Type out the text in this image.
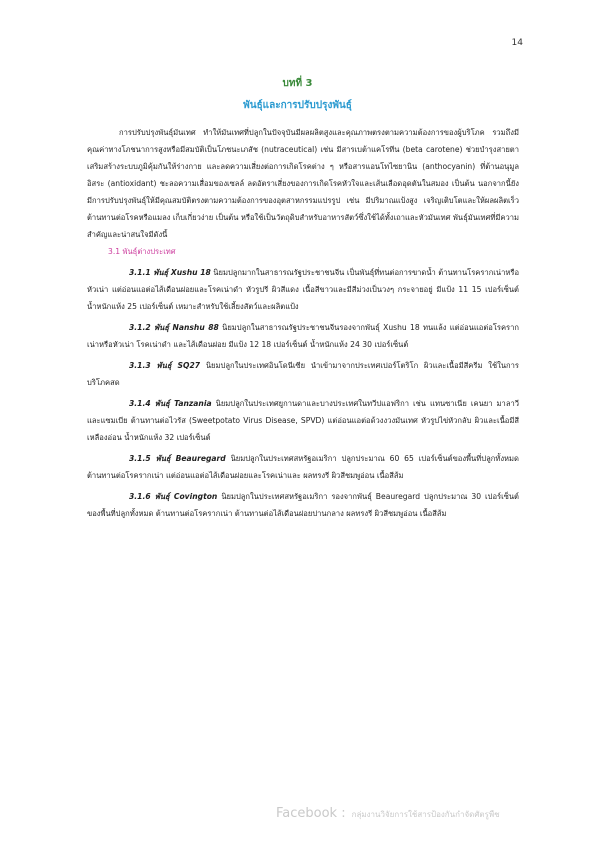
14
บทที่ 3
พันธุ์และการปรับปรุงพันธุ์

การปรับปรุงพันธุ์มันเทศ ทำให้มันเทศที่ปลูกในปัจจุบันมีผลผลิตสูงและคุณภาพตรงตามความต้องการของผู้บริโภค รวมถึงมีคุณค่าทางโภชนาการสูงหรือมีสมบัติเป็นโภชนะเภสัช (nutraceutical) เช่น มีสารเบต้าแคโรทีน (beta carotene) ช่วยบำรุงสายตา เสริมสร้างระบบภูมิคุ้มกันให้ร่างกาย และลดความเสี่ยงต่อการเกิดโรคต่าง ๆ หรือสารแอนโทไซยานิน (anthocyanin) ที่ต้านอนุมูลอิสระ (antioxidant) ชะลอความเสื่อมของเซลล์ ลดอัตราเสี่ยงของการเกิดโรคหัวใจและเส้นเลือดอุดตันในสมอง เป็นต้น นอกจากนี้ยังมีการปรับปรุงพันธุ์ให้มีคุณสมบัติตรงตามความต้องการของอุตสาหกรรมแปรรูป เช่น มีปริมาณแป้งสูง เจริญเติบโตและให้ผลผลิตเร็ว ต้านทานต่อโรคหรือแมลง เก็บเกี่ยวง่าย เป็นต้น หรือใช้เป็นวัตถุดิบสำหรับอาหารสัตว์ซึ่งใช้ได้ทั้งเถาและหัวมันเทศ พันธุ์มันเทศที่มีความสำคัญและน่าสนใจมีดังนี้

3.1 พันธุ์ต่างประเทศ

3.1.1 พันธุ์ Xushu 18 นิยมปลูกมากในสาธารณรัฐประชาชนจีน เป็นพันธุ์ที่ทนต่อการขาดน้ำ ต้านทานโรครากเน่าหรือหัวเน่า แต่อ่อนแอต่อไส้เดือนฝอยและโรคเน่าดำ หัวรูปรี ผิวสีแดง เนื้อสีขาวและมีสีม่วงเป็นวงๆ กระจายอยู่ มีแป้ง 11 15 เปอร์เซ็นต์ น้ำหนักแห้ง 25 เปอร์เซ็นต์ เหมาะสำหรับใช้เลี้ยงสัตว์และผลิตแป้ง

3.1.2 พันธุ์ Nanshu 88 นิยมปลูกในสาธารณรัฐประชาชนจีนรองจากพันธุ์ Xushu 18 ทนแล้ง แต่อ่อนแอต่อโรครากเน่าหรือหัวเน่า โรคเน่าดำ และไส้เดือนฝอย มีแป้ง 12 18 เปอร์เซ็นต์ น้ำหนักแห้ง 24 30 เปอร์เซ็นต์

3.1.3 พันธุ์ SQ27 นิยมปลูกในประเทศอินโดนีเซีย นำเข้ามาจากประเทศเปอร์โตริโก ผิวและเนื้อมีสีครีม ใช้ในการบริโภคสด

3.1.4 พันธุ์ Tanzania นิยมปลูกในประเทศยูกานดาและบางประเทศในทวีปแอฟริกา เช่น แทนซาเนีย เคนยา มาลาวี และแซมเบีย ต้านทานต่อไวรัส (Sweetpotato Virus Disease, SPVD) แต่อ่อนแอต่อด้วงงวงมันเทศ หัวรูปไข่หัวกลับ ผิวและเนื้อมีสีเหลืองอ่อน น้ำหนักแห้ง 32 เปอร์เซ็นต์

3.1.5 พันธุ์ Beauregard นิยมปลูกในประเทศสหรัฐอเมริกา ปลูกประมาณ 60 65 เปอร์เซ็นต์ของพื้นที่ปลูกทั้งหมด ต้านทานต่อโรครากเน่า แต่อ่อนแอต่อไส้เดือนฝอยและโรคเน่าและ ผลทรงรี ผิวสีชมพูอ่อน เนื้อสีส้ม

3.1.6 พันธุ์ Covington นิยมปลูกในประเทศสหรัฐอเมริกา รองจากพันธุ์ Beauregard ปลูกประมาณ 30 เปอร์เซ็นต์ของพื้นที่ปลูกทั้งหมด ต้านทานต่อโรครากเน่า ต้านทานต่อไส้เดือนฝอยปานกลาง ผลทรงรี ผิวสีชมพูอ่อน เนื้อสีส้ม

Facebook : กลุ่มงานวิจัยการใช้สารป้องกันกำจัดศัตรูพืช
